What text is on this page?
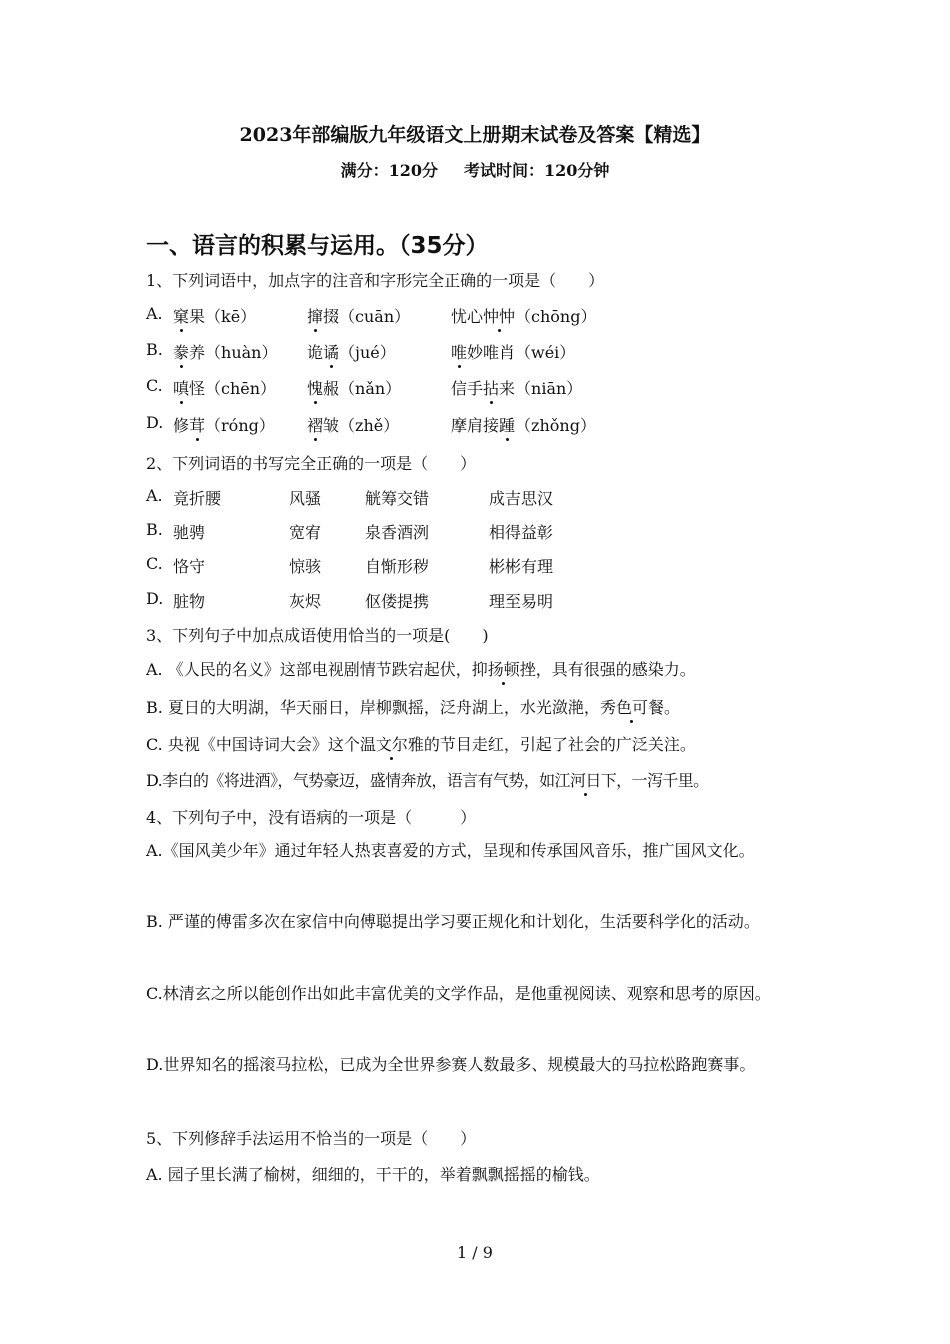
2023年部编版九年级语文上册期末试卷及答案【精选】
满分：120分 考试时间：120分钟
一、语言的积累与运用。（35分）
1、下列词语中，加点字的注音和字形完全正确的一项是（　　）
A. 窠果（kē）	撺掇（cuān）	忧心忡忡（chōng）
B. 豢养（huàn） 诡谲（jué）	唯妙唯肖（wéi）
C. 嗔怪（chēn） 愧赧（nǎn）	信手拈来（niān）
D. 修茸（róng） 褶皱（zhě）	摩肩接踵（zhǒng）
2、下列词语的书写完全正确的一项是（　　）
A. 竟折腰	风骚	觥筹交错	成吉思汉
B. 驰骋	宽宥	泉香酒洌	相得益彰
C. 恪守	惊骇	自惭形秽	彬彬有理
D. 脏物	灰烬	伛偻提携	理至易明
3、下列句子中加点成语使用恰当的一项是(　　)
A. 《人民的名义》这部电视剧情节跌宕起伏，抑扬顿挫，具有很强的感染力。
B. 夏日的大明湖，华天丽日，岸柳飘摇，泛舟湖上，水光潋滟，秀色可餐。
C. 央视《中国诗词大会》这个温文尔雅的节目走红，引起了社会的广泛关注。
D.李白的《将进酒》，气势豪迈，盛情奔放，语言有气势，如江河日下，一泻千里。
4、下列句子中，没有语病的一项是（　　　）
A.《国风美少年》通过年轻人热衷喜爱的方式，呈现和传承国风音乐，推广国风文化。
B. 严谨的傅雷多次在家信中向傅聪提出学习要正规化和计划化，生活要科学化的活动。
C.林清玄之所以能创作出如此丰富优美的文学作品，是他重视阅读、观察和思考的原因。
D.世界知名的摇滚马拉松，已成为全世界参赛人数最多、规模最大的马拉松路跑赛事。
5、下列修辞手法运用不恰当的一项是（　　）
A. 园子里长满了榆树，细细的，干干的，举着飘飘摇摇的榆钱。
1 / 9
